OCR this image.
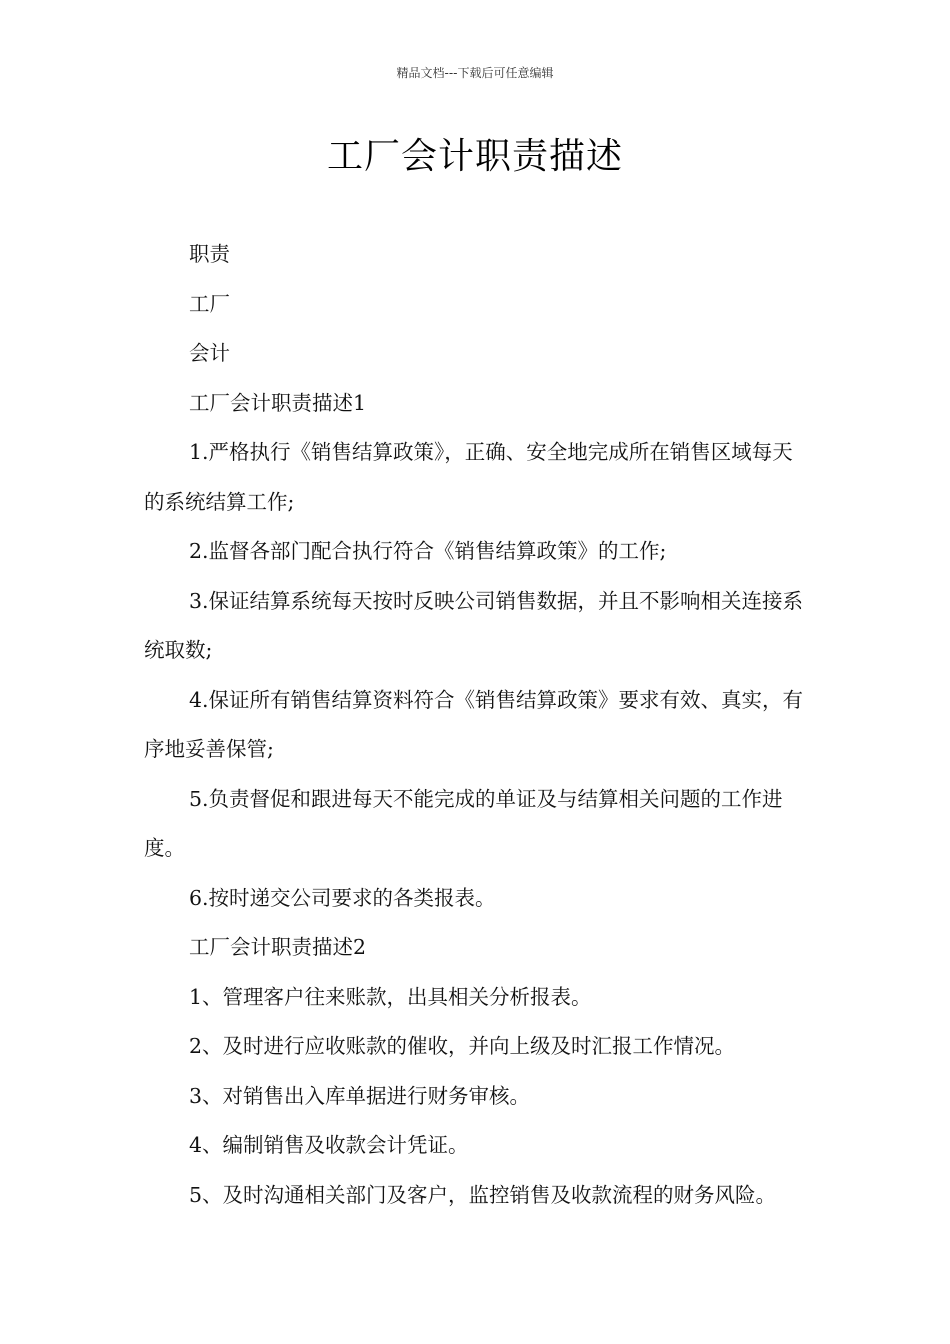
精品文档---下载后可任意编辑
工厂会计职责描述

职责

工厂

会计

工厂会计职责描述1

1.严格执行《销售结算政策》，正确、安全地完成所在销售区域每天的系统结算工作;

2.监督各部门配合执行符合《销售结算政策》的工作;

3.保证结算系统每天按时反映公司销售数据，并且不影响相关连接系统取数;

4.保证所有销售结算资料符合《销售结算政策》要求有效、真实，有序地妥善保管;

5.负责督促和跟进每天不能完成的单证及与结算相关问题的工作进度。

6.按时递交公司要求的各类报表。

工厂会计职责描述2

1、管理客户往来账款，出具相关分析报表。

2、及时进行应收账款的催收，并向上级及时汇报工作情况。

3、对销售出入库单据进行财务审核。

4、编制销售及收款会计凭证。

5、及时沟通相关部门及客户，监控销售及收款流程的财务风险。
